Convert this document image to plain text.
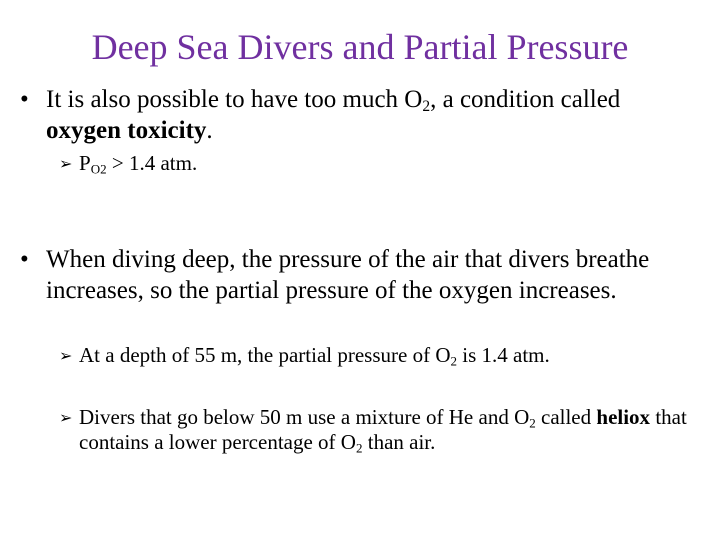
Deep Sea Divers and Partial Pressure
• It is also possible to have too much $O_2$, a condition called oxygen toxicity.
➢ $P_{O2} > 1.4$ atm.
• When diving deep, the pressure of the air that divers breathe increases, so the partial pressure of the oxygen increases.
➢ At a depth of 55 m, the partial pressure of $O_2$ is 1.4 atm.
➢ Divers that go below 50 m use a mixture of He and $O_2$ called heliox that contains a lower percentage of $O_2$ than air.
